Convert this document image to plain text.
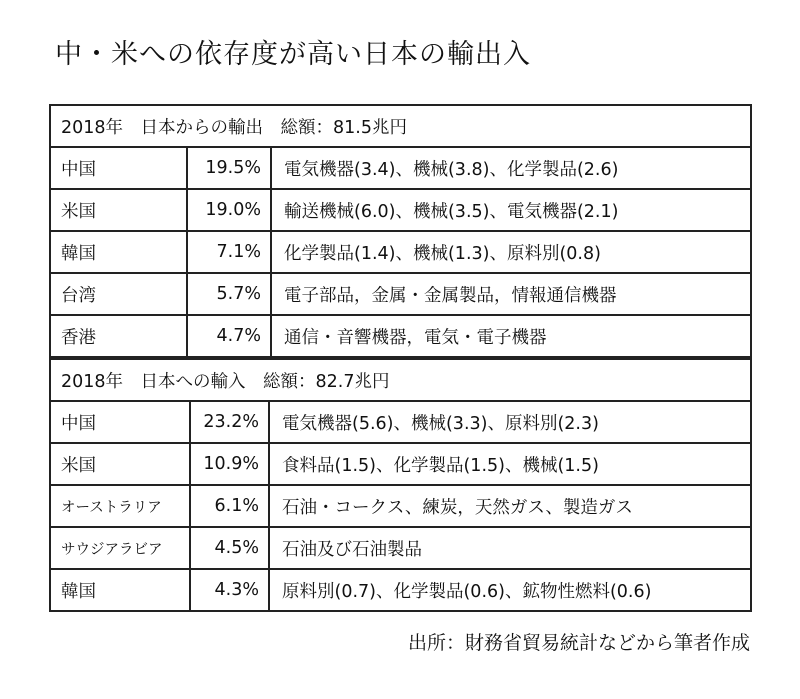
中・米への依存度が高い日本の輸出入
2018年　日本からの輸出　総額：81.5兆円		
中国	19.5%	電気機器(3.4)、機械(3.8)、化学製品(2.6)
米国	19.0%	輸送機械(6.0)、機械(3.5)、電気機器(2.1)
韓国	7.1%	化学製品(1.4)、機械(1.3)、原料別(0.8)
台湾	5.7%	電子部品，金属・金属製品，情報通信機器
香港	4.7%	通信・音響機器，電気・電子機器
2018年　日本への輸入　総額：82.7兆円		
中国	23.2%	電気機器(5.6)、機械(3.3)、原料別(2.3)
米国	10.9%	食料品(1.5)、化学製品(1.5)、機械(1.5)
オーストラリア	6.1%	石油・コークス、練炭，天然ガス、製造ガス
サウジアラビア	4.5%	石油及び石油製品
韓国	4.3%	原料別(0.7)、化学製品(0.6)、鉱物性燃料(0.6)
出所：財務省貿易統計などから筆者作成
